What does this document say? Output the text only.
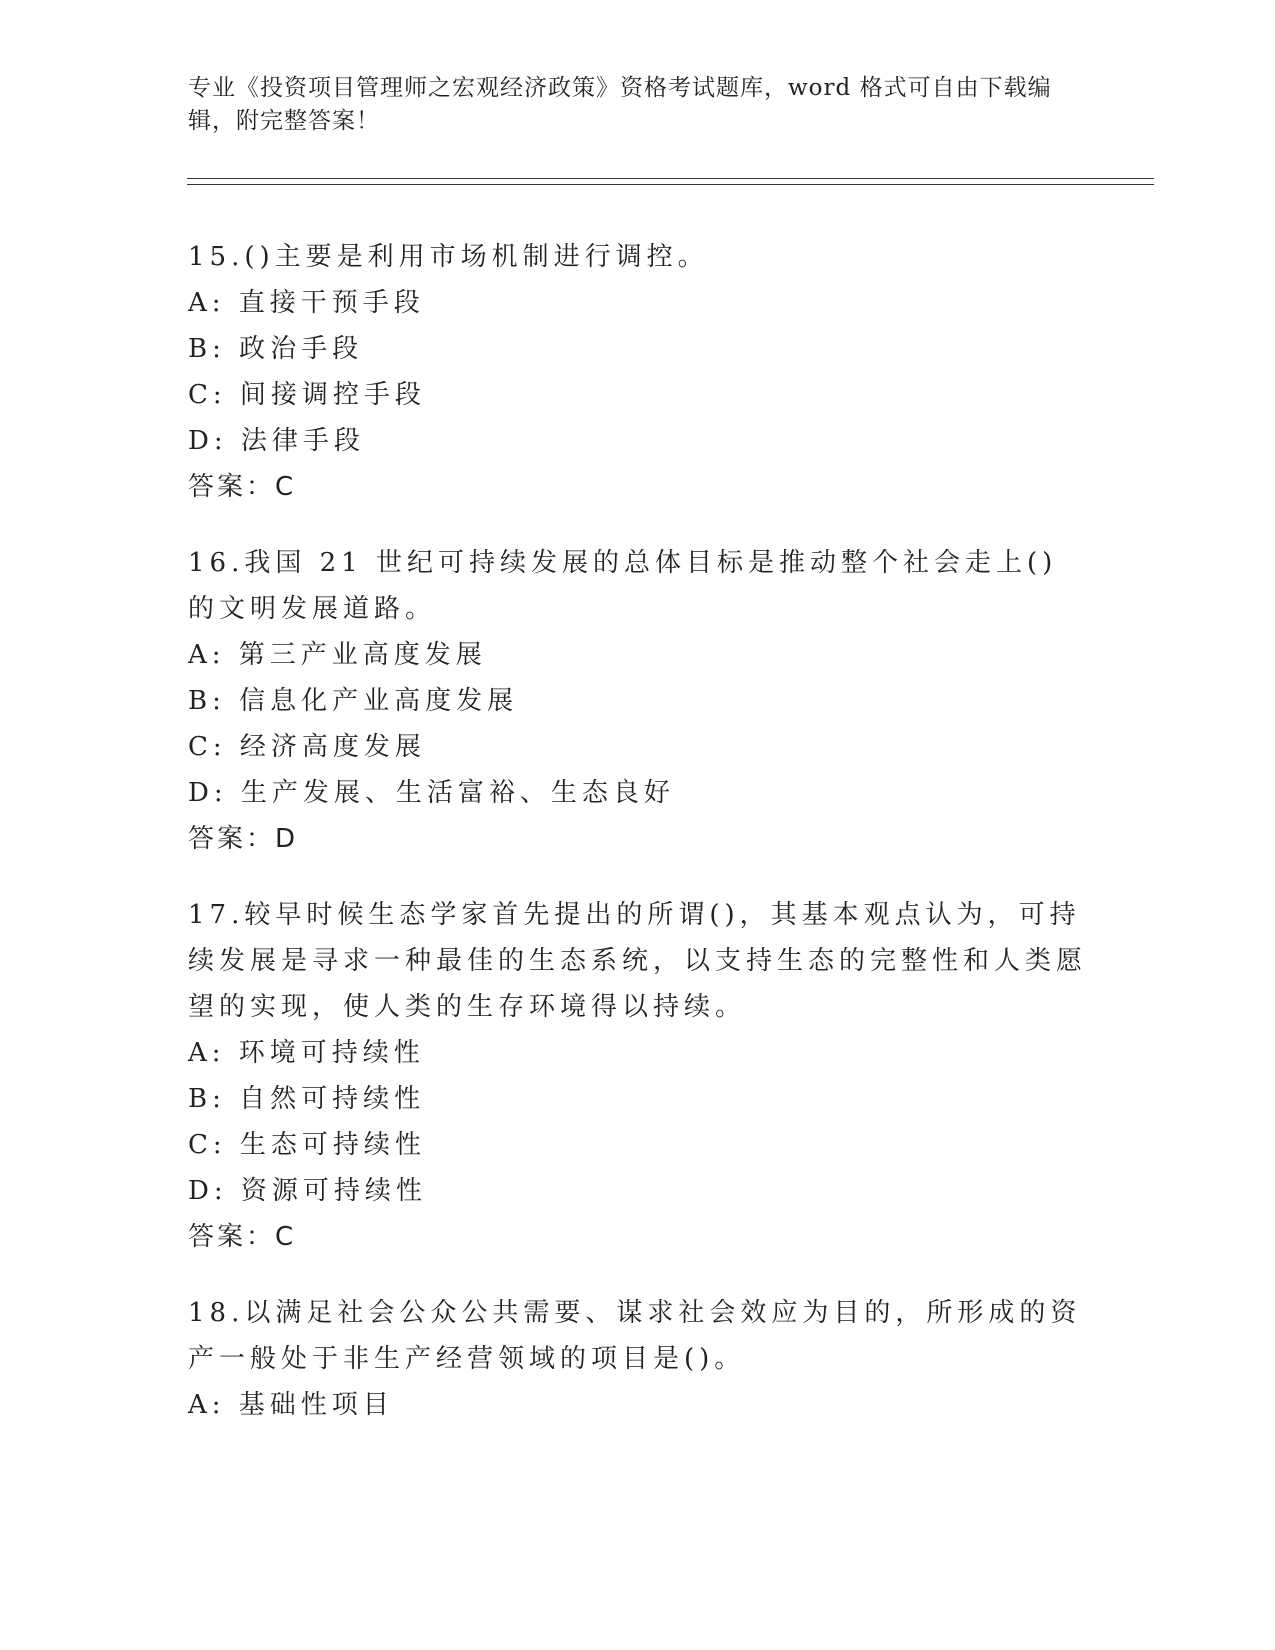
专业《投资项目管理师之宏观经济政策》资格考试题库，word 格式可自由下载编辑，附完整答案！

15.()主要是利用市场机制进行调控。

A: 直接干预手段

B: 政治手段

C: 间接调控手段

D: 法律手段

答案：C

16.我国 21 世纪可持续发展的总体目标是推动整个社会走上()的文明发展道路。

A: 第三产业高度发展

B: 信息化产业高度发展

C: 经济高度发展

D: 生产发展、生活富裕、生态良好

答案：D

17.较早时候生态学家首先提出的所谓()，其基本观点认为，可持续发展是寻求一种最佳的生态系统，以支持生态的完整性和人类愿望的实现，使人类的生存环境得以持续。

A: 环境可持续性

B: 自然可持续性

C: 生态可持续性

D: 资源可持续性

答案：C

18.以满足社会公众公共需要、谋求社会效应为目的，所形成的资产一般处于非生产经营领域的项目是()。

A: 基础性项目
